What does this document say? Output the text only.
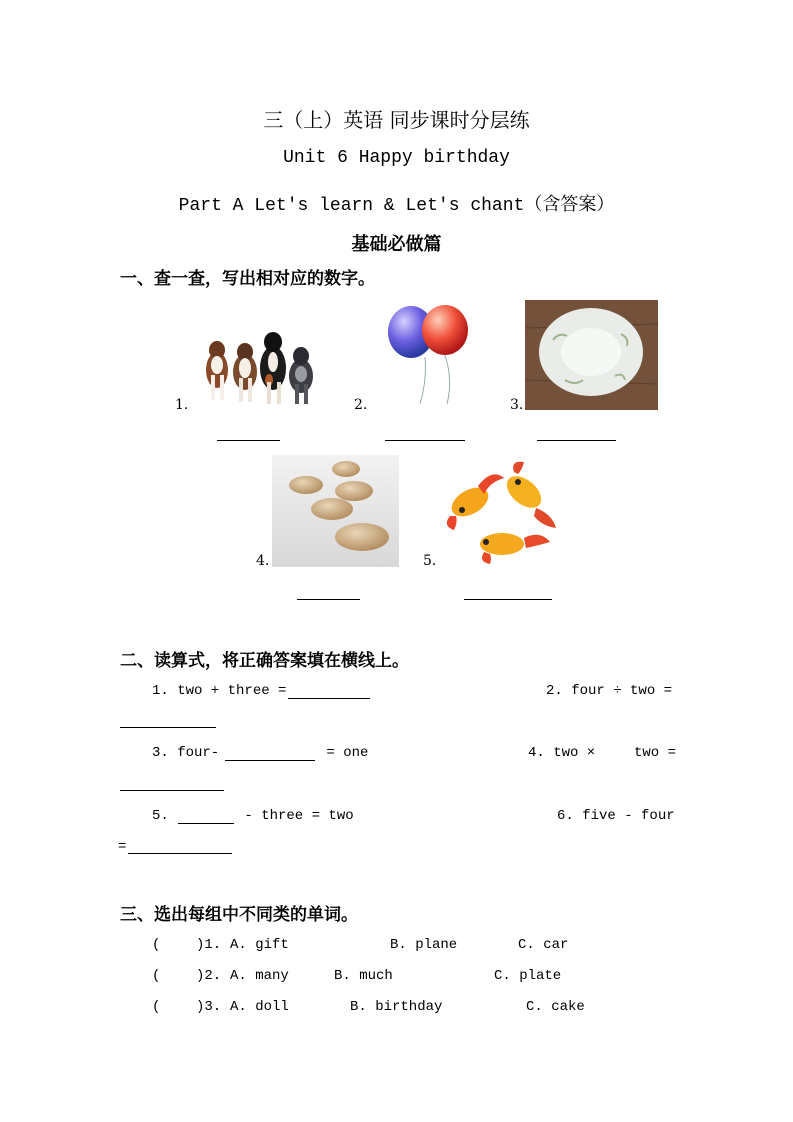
三（上）英语 同步课时分层练
Unit 6 Happy birthday
Part A Let's learn & Let's chant（含答案）
基础必做篇
一、查一查，写出相对应的数字。
1.	2.	3.
4.	5.
二、读算式，将正确答案填在横线上。
1. two + three =	2. four ÷ two =
3. four-	= one	4. two ×	two =
5.	- three = two	6. five - four
=
三、选出每组中不同类的单词。
(	)1. A. gift	B. plane	C. car
(	)2. A. many	B. much	C. plate
(	)3. A. doll	B. birthday	C. cake
